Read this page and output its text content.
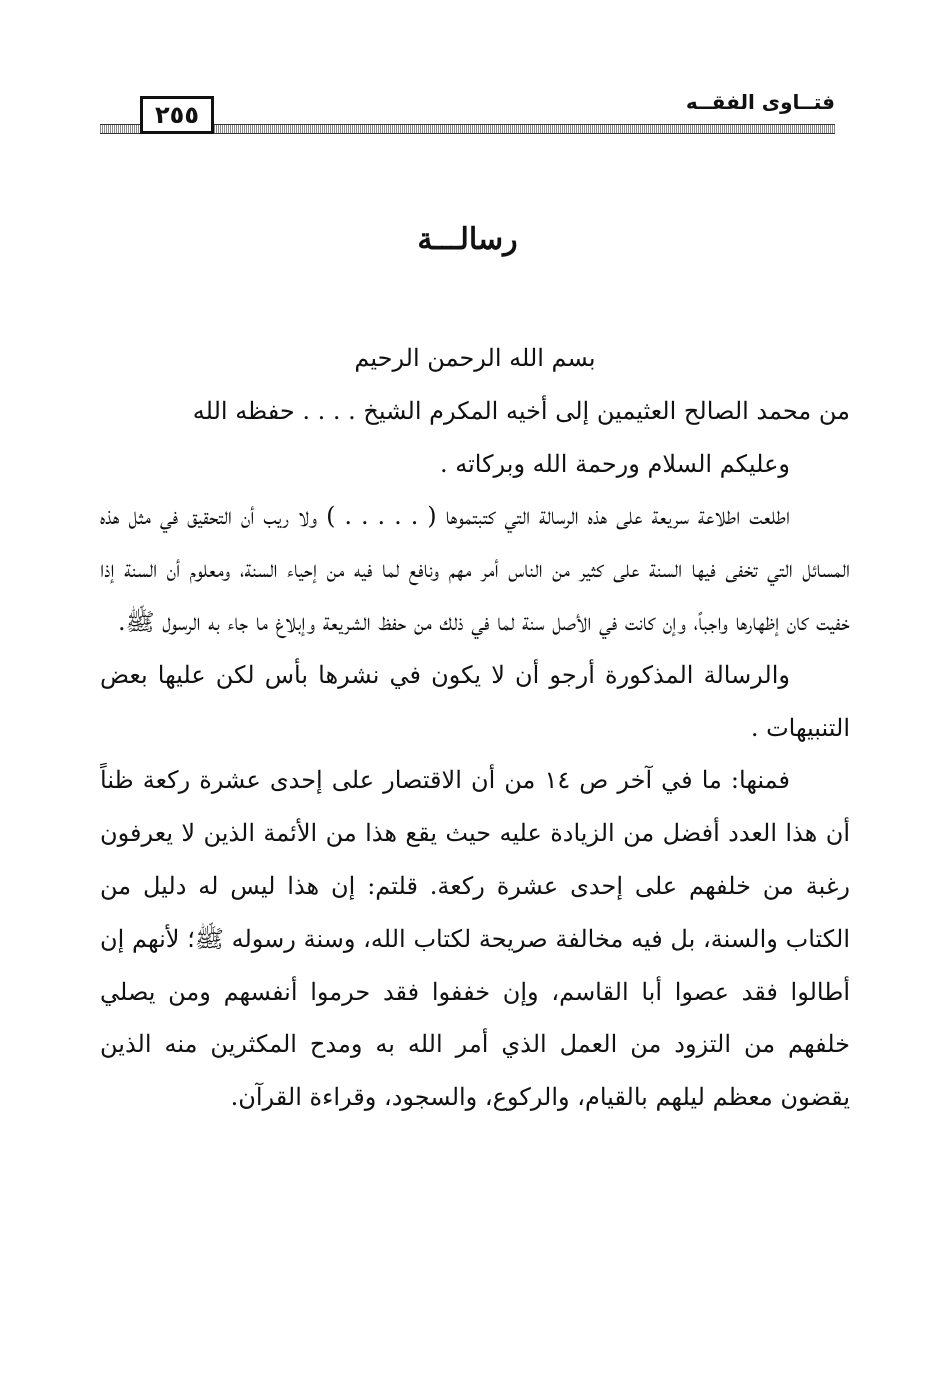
فتــاوى الفقــه
٢٥٥
رسالـــة

بسم الله الرحمن الرحيم

من محمد الصالح العثيمين إلى أخيه المكرم الشيخ . . . . حفظه الله

وعليكم السلام ورحمة الله وبركاته .

اطلعت اطلاعة سريعة على هذه الرسالة التي كتبتموها ( . . . . . ) ولا ريب أن التحقيق في مثل هذه المسائل التي تخفى فيها السنة على كثير من الناس أمر مهم ونافع لما فيه من إحياء السنة، ومعلوم أن السنة إذا خفيت كان إظهارها واجباً، وإن كانت في الأصل سنة لما في ذلك من حفظ الشريعة وإبلاغ ما جاء به الرسول ﷺ.

والرسالة المذكورة أرجو أن لا يكون في نشرها بأس لكن عليها بعض التنبيهات .

فمنها: ما في آخر ص ١٤ من أن الاقتصار على إحدى عشرة ركعة ظناً أن هذا العدد أفضل من الزيادة عليه حيث يقع هذا من الأئمة الذين لا يعرفون رغبة من خلفهم على إحدى عشرة ركعة. قلتم: إن هذا ليس له دليل من الكتاب والسنة، بل فيه مخالفة صريحة لكتاب الله، وسنة رسوله ﷺ؛ لأنهم إن أطالوا فقد عصوا أبا القاسم، وإن خففوا فقد حرموا أنفسهم ومن يصلي خلفهم من التزود من العمل الذي أمر الله به ومدح المكثرين منه الذين يقضون معظم ليلهم بالقيام، والركوع، والسجود، وقراءة القرآن.
